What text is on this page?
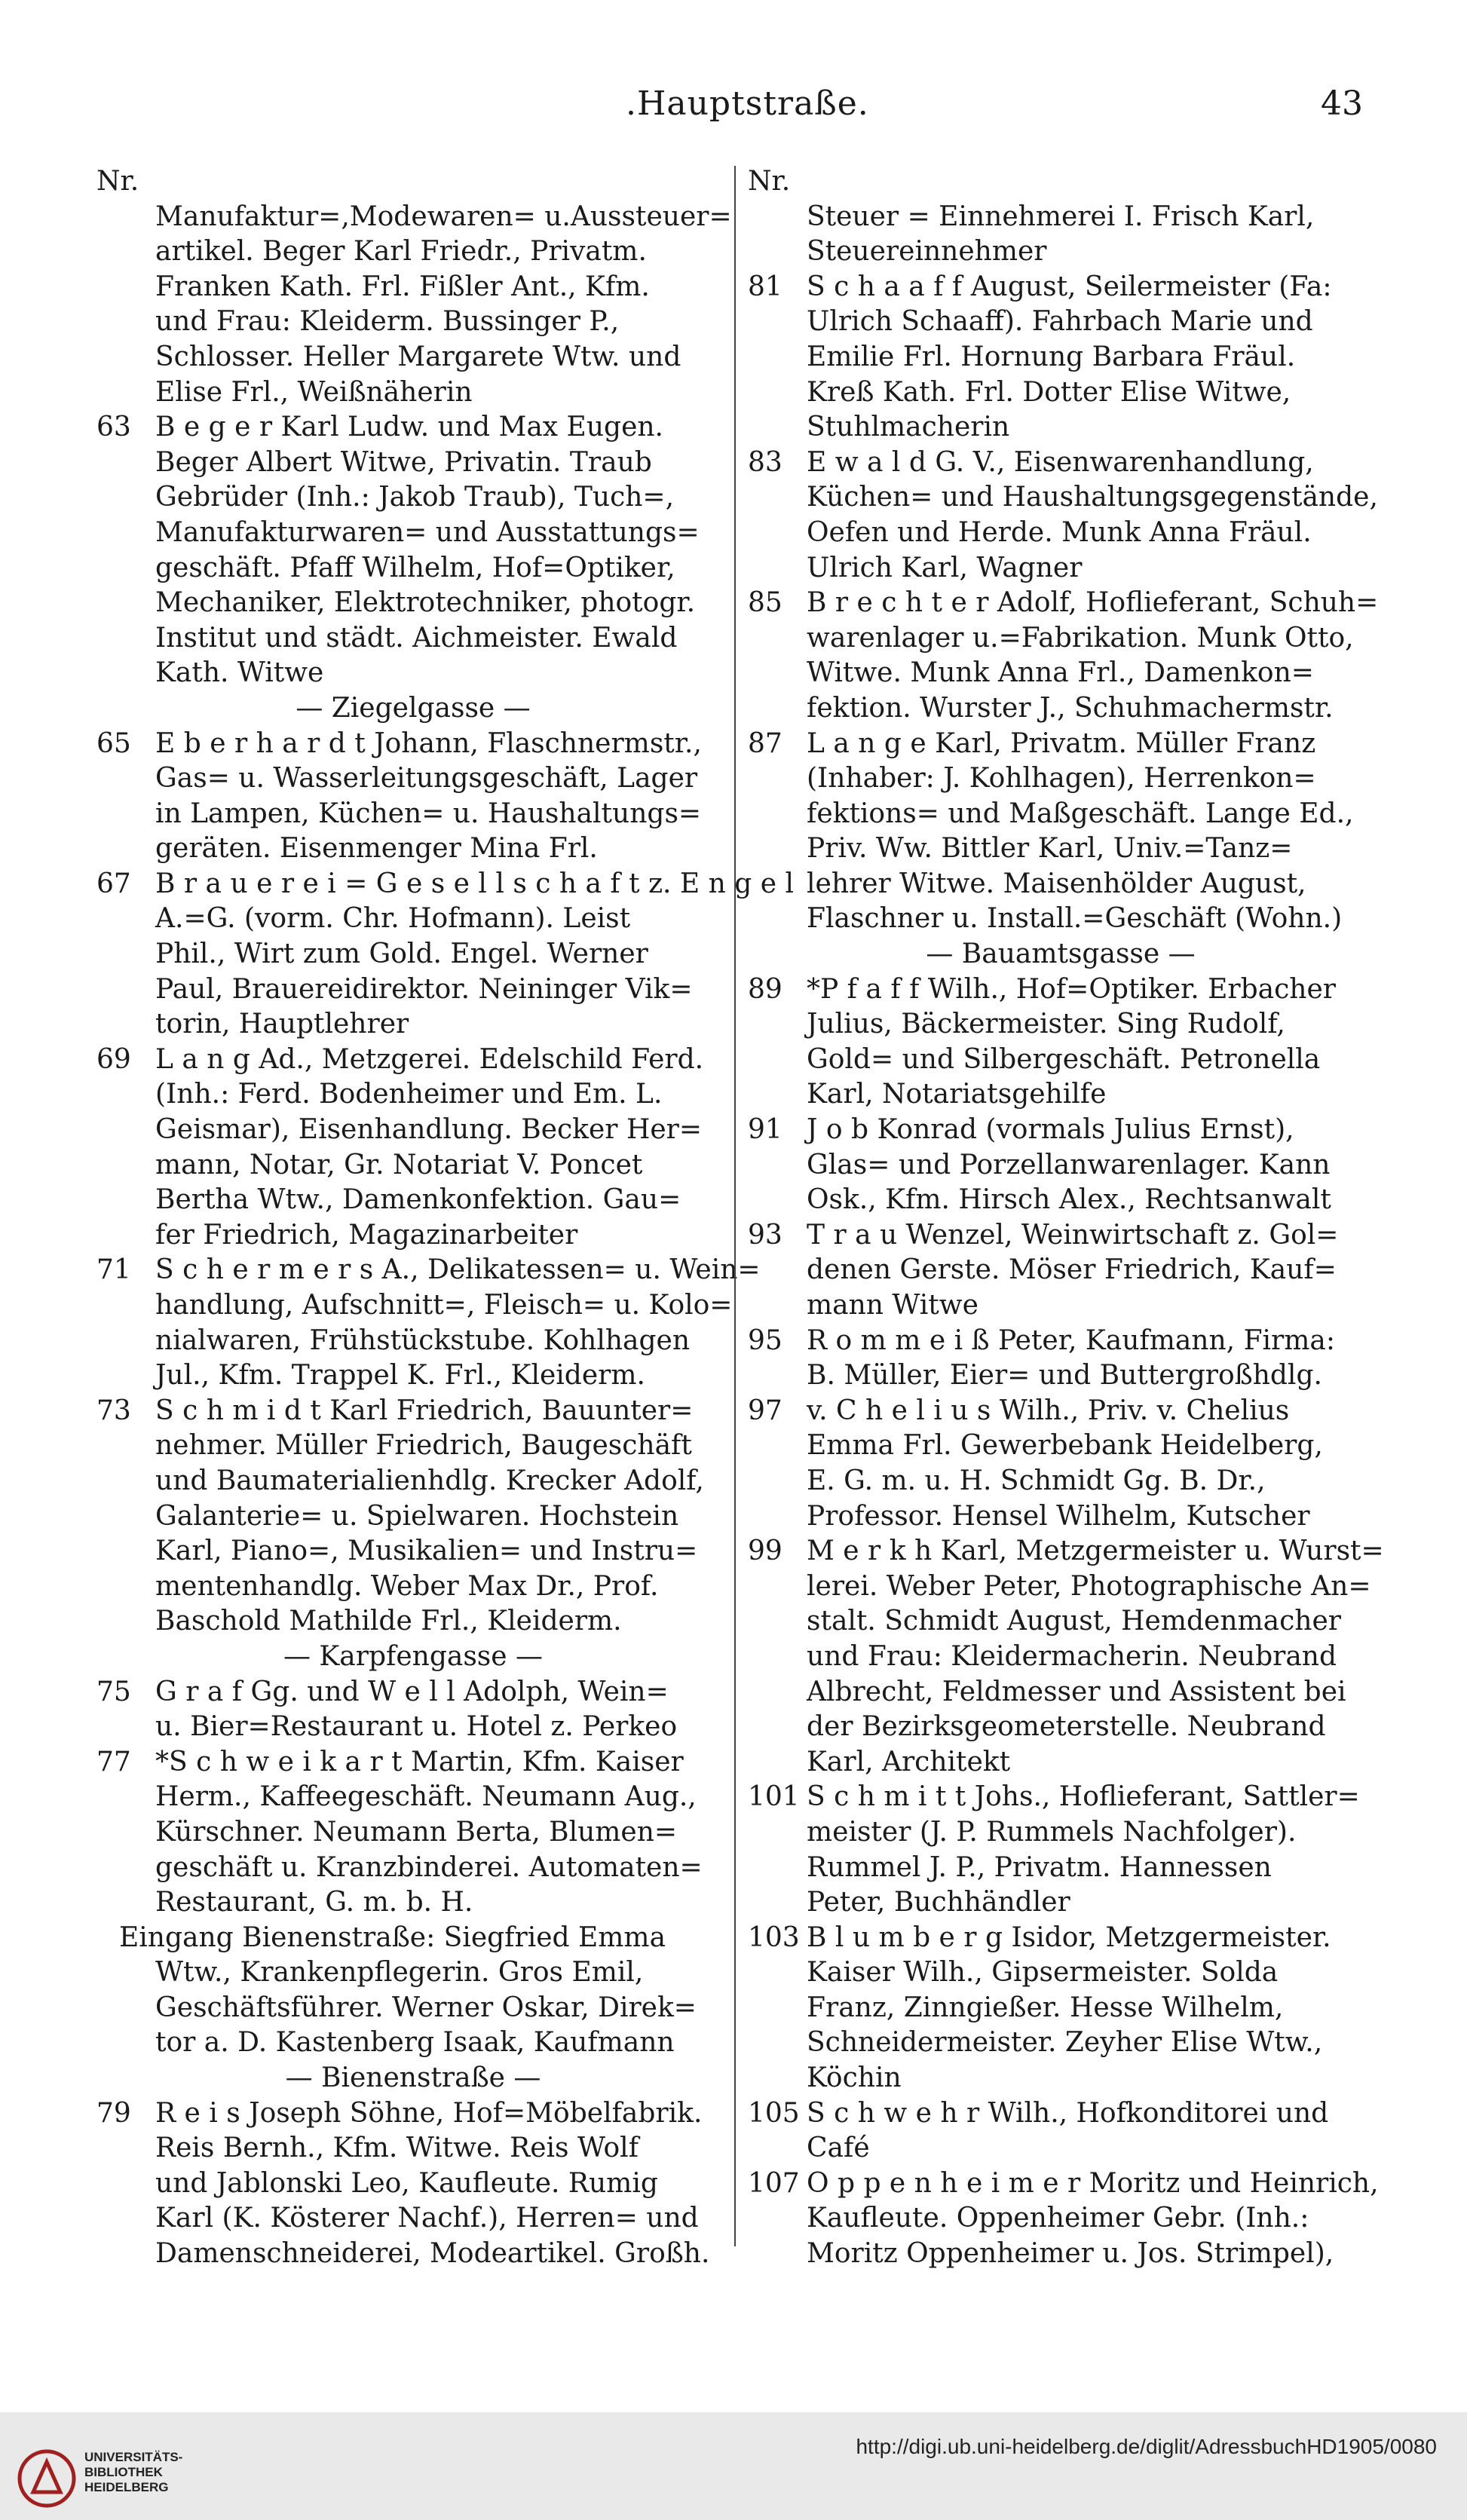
.Hauptstraße.	43
Nr.
Manufaktur=,Modewaren= u.Aussteuer=
artikel. Beger Karl Friedr., Privatm.
Franken Kath. Frl. Fißler Ant., Kfm.
und Frau: Kleiderm. Bussinger P.,
Schlosser. Heller Margarete Wtw. und
Elise Frl., Weißnäherin
63 B e g e r Karl Ludw. und Max Eugen.
Beger Albert Witwe, Privatin. Traub
Gebrüder (Inh.: Jakob Traub), Tuch=,
Manufakturwaren= und Ausstattungs=
geschäft. Pfaff Wilhelm, Hof=Optiker,
Mechaniker, Elektrotechniker, photogr.
Institut und städt. Aichmeister. Ewald
Kath. Witwe
— Ziegelgasse —
65 E b e r h a r d t Johann, Flaschnermstr.,
Gas= u. Wasserleitungsgeschäft, Lager
in Lampen, Küchen= u. Haushaltungs=
geräten. Eisenmenger Mina Frl.
67 B r a u e r e i = G e s e l l s c h a f t z. E n g e l
A.=G. (vorm. Chr. Hofmann). Leist
Phil., Wirt zum Gold. Engel. Werner
Paul, Brauereidirektor. Neininger Vik=
torin, Hauptlehrer
69 L a n g Ad., Metzgerei. Edelschild Ferd.
(Inh.: Ferd. Bodenheimer und Em. L.
Geismar), Eisenhandlung. Becker Her=
mann, Notar, Gr. Notariat V. Poncet
Bertha Wtw., Damenkonfektion. Gau=
fer Friedrich, Magazinarbeiter
71 S c h e r m e r s A., Delikatessen= u. Wein=
handlung, Aufschnitt=, Fleisch= u. Kolo=
nialwaren, Frühstückstube. Kohlhagen
Jul., Kfm. Trappel K. Frl., Kleiderm.
73 S c h m i d t Karl Friedrich, Bauunter=
nehmer. Müller Friedrich, Baugeschäft
und Baumaterialienhdlg. Krecker Adolf,
Galanterie= u. Spielwaren. Hochstein
Karl, Piano=, Musikalien= und Instru=
mentenhandlg. Weber Max Dr., Prof.
Baschold Mathilde Frl., Kleiderm.
— Karpfengasse —
75 G r a f Gg. und W e l l Adolph, Wein=
u. Bier=Restaurant u. Hotel z. Perkeo
77 *S c h w e i k a r t Martin, Kfm. Kaiser
Herm., Kaffeegeschäft. Neumann Aug.,
Kürschner. Neumann Berta, Blumen=
geschäft u. Kranzbinderei. Automaten=
Restaurant, G. m. b. H.
Eingang Bienenstraße: Siegfried Emma
Wtw., Krankenpflegerin. Gros Emil,
Geschäftsführer. Werner Oskar, Direk=
tor a. D. Kastenberg Isaak, Kaufmann
— Bienenstraße —
79 R e i s Joseph Söhne, Hof=Möbelfabrik.
Reis Bernh., Kfm. Witwe. Reis Wolf
und Jablonski Leo, Kaufleute. Rumig
Karl (K. Kösterer Nachf.), Herren= und
Damenschneiderei, Modeartikel. Großh.
Nr.
Steuer = Einnehmerei I. Frisch Karl,
Steuereinnehmer
81 S c h a a f f August, Seilermeister (Fa:
Ulrich Schaaff). Fahrbach Marie und
Emilie Frl. Hornung Barbara Fräul.
Kreß Kath. Frl. Dotter Elise Witwe,
Stuhlmacherin
83 E w a l d G. V., Eisenwarenhandlung,
Küchen= und Haushaltungsgegenstände,
Oefen und Herde. Munk Anna Fräul.
Ulrich Karl, Wagner
85 B r e c h t e r Adolf, Hoflieferant, Schuh=
warenlager u.=Fabrikation. Munk Otto,
Witwe. Munk Anna Frl., Damenkon=
fektion. Wurster J., Schuhmachermstr.
87 L a n g e Karl, Privatm. Müller Franz
(Inhaber: J. Kohlhagen), Herrenkon=
fektions= und Maßgeschäft. Lange Ed.,
Priv. Ww. Bittler Karl, Univ.=Tanz=
lehrer Witwe. Maisenhölder August,
Flaschner u. Install.=Geschäft (Wohn.)
— Bauamtsgasse —
89 *P f a f f Wilh., Hof=Optiker. Erbacher
Julius, Bäckermeister. Sing Rudolf,
Gold= und Silbergeschäft. Petronella
Karl, Notariatsgehilfe
91 J o b Konrad (vormals Julius Ernst),
Glas= und Porzellanwarenlager. Kann
Osk., Kfm. Hirsch Alex., Rechtsanwalt
93 T r a u Wenzel, Weinwirtschaft z. Gol=
denen Gerste. Möser Friedrich, Kauf=
mann Witwe
95 R o m m e i ß Peter, Kaufmann, Firma:
B. Müller, Eier= und Buttergroßhdlg.
97 v. C h e l i u s Wilh., Priv. v. Chelius
Emma Frl. Gewerbebank Heidelberg,
E. G. m. u. H. Schmidt Gg. B. Dr.,
Professor. Hensel Wilhelm, Kutscher
99 M e r k h Karl, Metzgermeister u. Wurst=
lerei. Weber Peter, Photographische An=
stalt. Schmidt August, Hemdenmacher
und Frau: Kleidermacherin. Neubrand
Albrecht, Feldmesser und Assistent bei
der Bezirksgeometerstelle. Neubrand
Karl, Architekt
101 S c h m i t t Johs., Hoflieferant, Sattler=
meister (J. P. Rummels Nachfolger).
Rummel J. P., Privatm. Hannessen
Peter, Buchhändler
103 B l u m b e r g Isidor, Metzgermeister.
Kaiser Wilh., Gipsermeister. Solda
Franz, Zinngießer. Hesse Wilhelm,
Schneidermeister. Zeyher Elise Wtw.,
Köchin
105 S c h w e h r Wilh., Hofkonditorei und
Café
107 O p p e n h e i m e r Moritz und Heinrich,
Kaufleute. Oppenheimer Gebr. (Inh.:
Moritz Oppenheimer u. Jos. Strimpel),
UNIVERSITÄTS-
BIBLIOTHEK
HEIDELBERG
http://digi.ub.uni-heidelberg.de/diglit/AdressbuchHD1905/0080
